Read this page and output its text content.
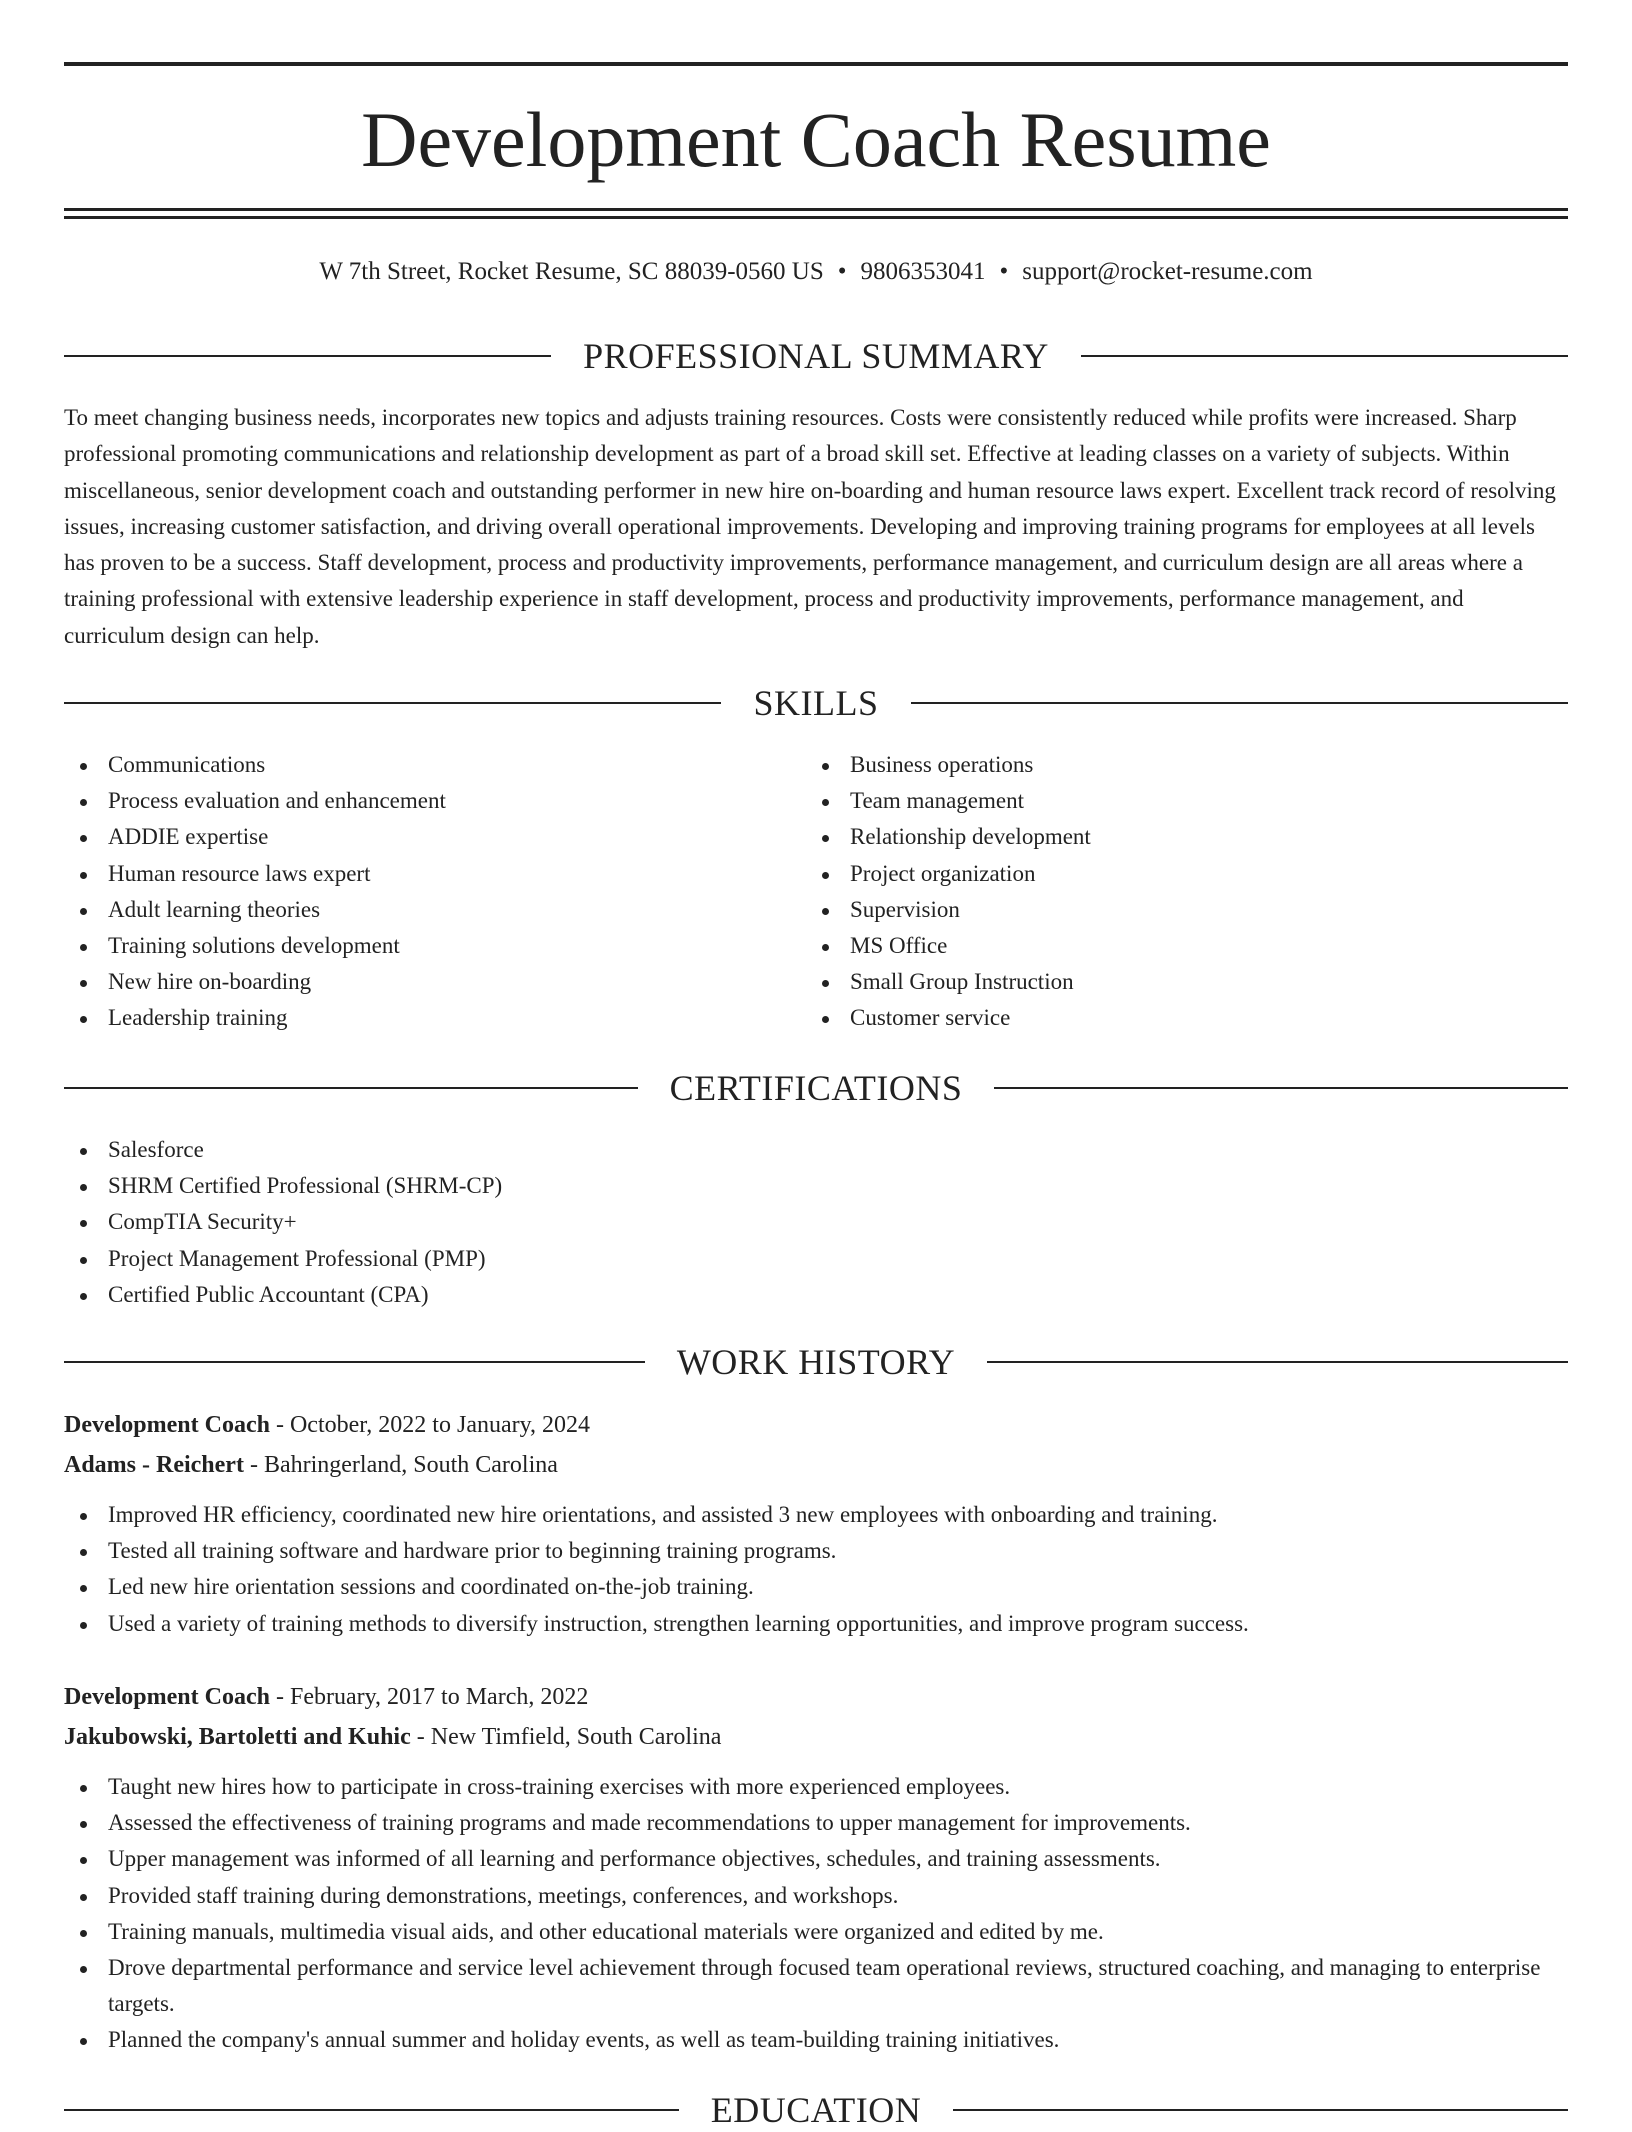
Development Coach Resume
W 7th Street, Rocket Resume, SC 88039-0560 US • 9806353041 • support@rocket-resume.com
PROFESSIONAL SUMMARY

To meet changing business needs, incorporates new topics and adjusts training resources. Costs were consistently reduced while profits were increased. Sharp professional promoting communications and relationship development as part of a broad skill set. Effective at leading classes on a variety of subjects. Within miscellaneous, senior development coach and outstanding performer in new hire on-boarding and human resource laws expert. Excellent track record of resolving issues, increasing customer satisfaction, and driving overall operational improvements. Developing and improving training programs for employees at all levels has proven to be a success. Staff development, process and productivity improvements, performance management, and curriculum design are all areas where a training professional with extensive leadership experience in staff development, process and productivity improvements, performance management, and curriculum design can help.

SKILLS
Communications
Process evaluation and enhancement
ADDIE expertise
Human resource laws expert
Adult learning theories
Training solutions development
New hire on-boarding
Leadership training
Business operations
Team management
Relationship development
Project organization
Supervision
MS Office
Small Group Instruction
Customer service
CERTIFICATIONS
Salesforce
SHRM Certified Professional (SHRM-CP)
CompTIA Security+
Project Management Professional (PMP)
Certified Public Accountant (CPA)
WORK HISTORY
Development Coach - October, 2022 to January, 2024
Adams - Reichert - Bahringerland, South Carolina
Improved HR efficiency, coordinated new hire orientations, and assisted 3 new employees with onboarding and training.
Tested all training software and hardware prior to beginning training programs.
Led new hire orientation sessions and coordinated on-the-job training.
Used a variety of training methods to diversify instruction, strengthen learning opportunities, and improve program success.
Development Coach - February, 2017 to March, 2022
Jakubowski, Bartoletti and Kuhic - New Timfield, South Carolina
Taught new hires how to participate in cross-training exercises with more experienced employees.
Assessed the effectiveness of training programs and made recommendations to upper management for improvements.
Upper management was informed of all learning and performance objectives, schedules, and training assessments.
Provided staff training during demonstrations, meetings, conferences, and workshops.
Training manuals, multimedia visual aids, and other educational materials were organized and edited by me.
Drove departmental performance and service level achievement through focused team operational reviews, structured coaching, and managing to enterprise targets.
Planned the company's annual summer and holiday events, as well as team-building training initiatives.
EDUCATION
